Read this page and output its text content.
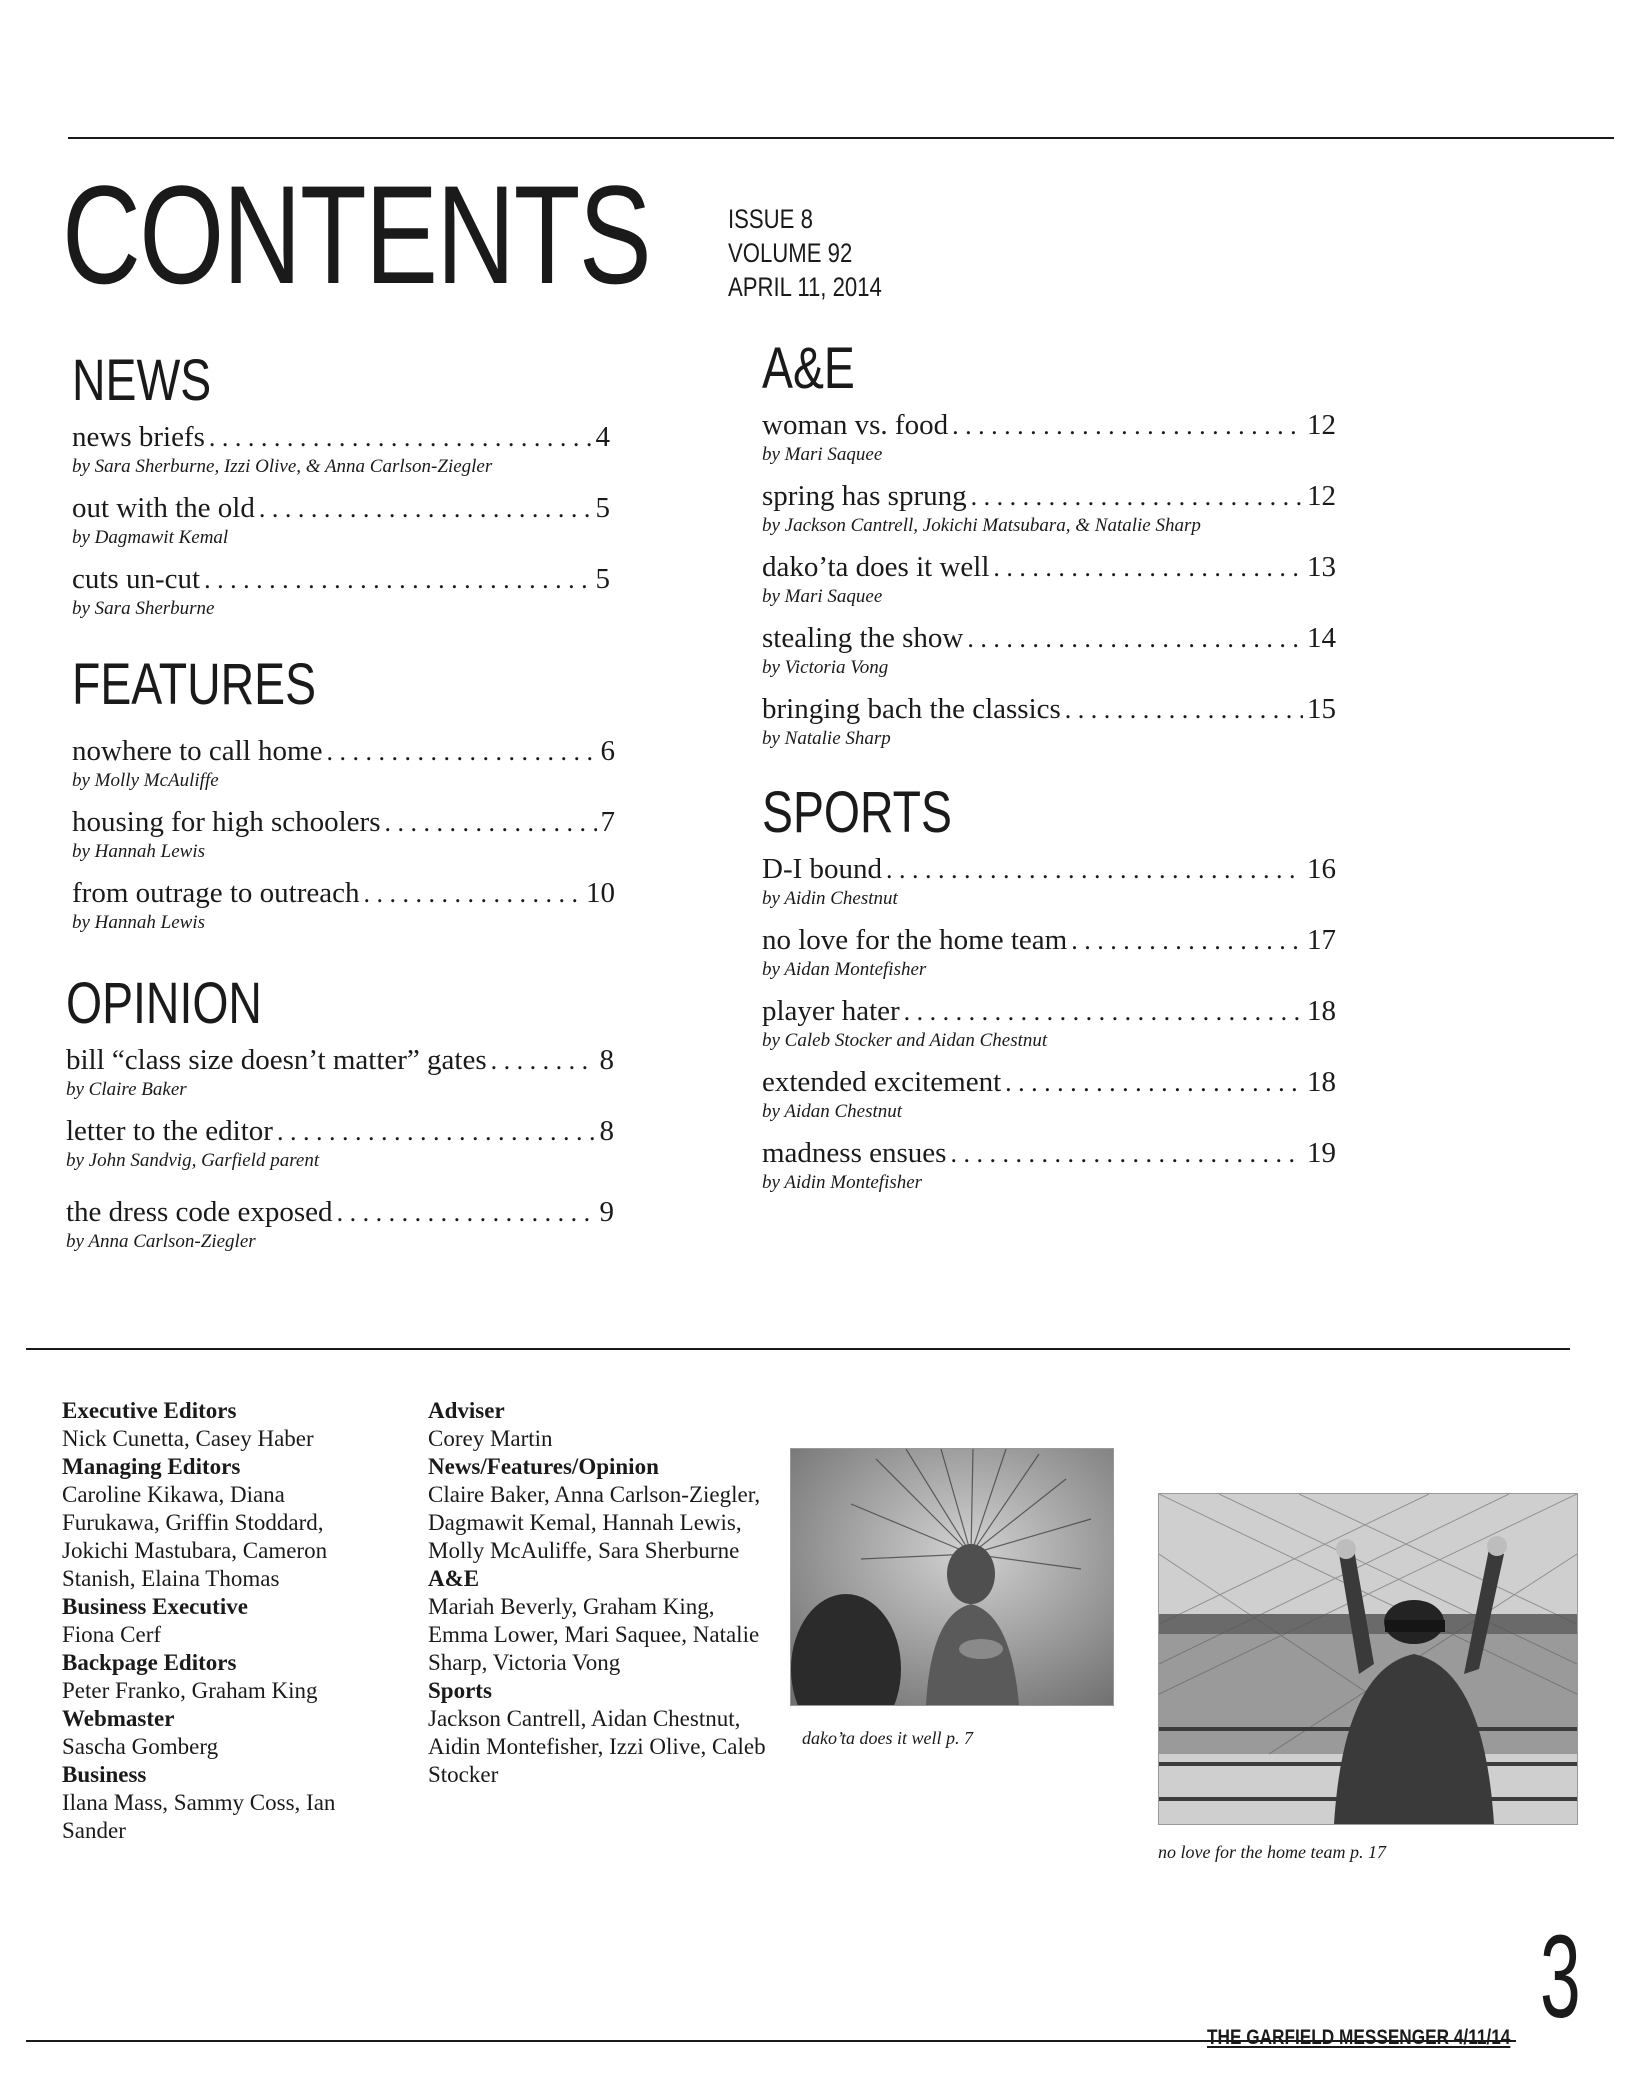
CONTENTS	ISSUE 8
VOLUME 92
APRIL 11, 2014
NEWS
news briefs . . .	4
by Sara Sherburne, Izzi Olive, & Anna Carlson-Ziegler
out with the old . . .	5
by Dagmawit Kemal
cuts un-cut . . .	5
by Sara Sherburne
FEATURES
nowhere to call home . . .	6
by Molly McAuliffe
housing for high schoolers . . .	7
by Hannah Lewis
from outrage to outreach . . .	10
by Hannah Lewis
OPINION
bill “class size doesn’t matter” gates . . .	8
by Claire Baker
letter to the editor . . .	8
by John Sandvig, Garfield parent
the dress code exposed . . .	9
by Anna Carlson-Ziegler
A&E
woman vs. food . . .	12
by Mari Saquee
spring has sprung . . .	12
by Jackson Cantrell, Jokichi Matsubara, & Natalie Sharp
dako’ta does it well . . .	13
by Mari Saquee
stealing the show . . .	14
by Victoria Vong
bringing bach the classics . . .	15
by Natalie Sharp
SPORTS
D-I bound . . .	16
by Aidin Chestnut
no love for the home team . . .	17
by Aidan Montefisher
player hater . . .	18
by Caleb Stocker and Aidan Chestnut
extended excitement . . .	18
by Aidan Chestnut
madness ensues . . .	19
by Aidin Montefisher
Executive Editors
Nick Cunetta, Casey Haber
Managing Editors
Caroline Kikawa, Diana Furukawa, Griffin Stoddard, Jokichi Mastubara, Cameron Stanish, Elaina Thomas
Business Executive
Fiona Cerf
Backpage Editors
Peter Franko, Graham King
Webmaster
Sascha Gomberg
Business
Ilana Mass, Sammy Coss, Ian Sander
Adviser
Corey Martin
News/Features/Opinion
Claire Baker, Anna Carlson-Ziegler, Dagmawit Kemal, Hannah Lewis, Molly McAuliffe, Sara Sherburne
A&E
Mariah Beverly, Graham King, Emma Lower, Mari Saquee, Natalie Sharp, Victoria Vong
Sports
Jackson Cantrell, Aidan Chestnut, Aidin Montefisher, Izzi Olive, Caleb Stocker
dako’ta does it well p. 7
no love for the home team p. 17
THE GARFIELD MESSENGER 4/11/14 3
